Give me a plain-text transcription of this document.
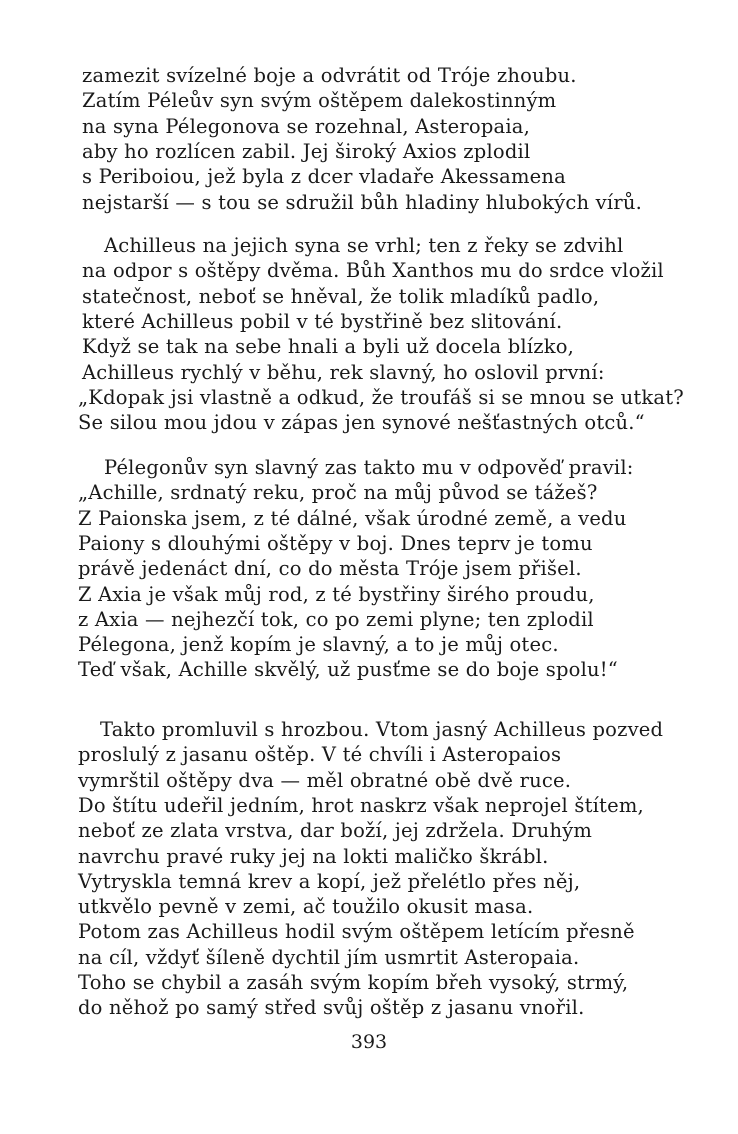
zamezit svízelné boje a odvrátit od Trójе zhoubu.
Zatím Péleův syn svým oštěpem dalekostinným
na syna Pélegonova se rozehnal, Asteropaia,
aby ho rozlícen zabil. Jej široký Axios zplodil
s Periboiou, jež byla z dcer vladaře Akessamena
nejstarší — s tou se sdružil bůh hladiny hlubokých vírů.
Achilleus na jejich syna se vrhl; ten z řeky se zdvihl
na odpor s oštěpy dvěma. Bůh Xanthos mu do srdce vložil
statečnost, neboť se hněval, že tolik mladíků padlo,
které Achilleus pobil v té bystřině bez slitování.
Když se tak na sebe hnali a byli už docela blízko,
Achilleus rychlý v běhu, rek slavný, ho oslovil první:
„Kdopak jsi vlastně a odkud, že troufáš si se mnou se utkat?
Se silou mou jdou v zápas jen synové nešťastných otců.“
Pélegonův syn slavný zas takto mu v odpověď pravil:
„Achille, srdnatý reku, proč na můj původ se tážeš?
Z Paionska jsem, z té dálné, však úrodné země, a vedu
Paiony s dlouhými oštěpy v boj. Dnes teprv je tomu
právě jedenáct dní, co do města Tróje jsem přišel.
Z Axia je však můj rod, z té bystřiny širého proudu,
z Axia — nejhezčí tok, co po zemi plyne; ten zplodil
Pélegona, jenž kopím je slavný, a to je můj otec.
Teď však, Achille skvělý, už pusťme se do boje spolu!“
Takto promluvil s hrozbou. Vtom jasný Achilleus pozved
proslulý z jasanu oštěp. V té chvíli i Asteropaios
vymrštil oštěpy dva — měl obratné obě dvě ruce.
Do štítu udeřil jedním, hrot naskrz však neprojel štítem,
neboť ze zlata vrstva, dar boží, jej zdržela. Druhým
navrchu pravé ruky jej na lokti maličko škrábl.
Vytryskla temná krev a kopí, jež přelétlo přes něj,
utkvělo pevně v zemi, ač toužilo okusit masa.
Potom zas Achilleus hodil svým oštěpem letícím přesně
na cíl, vždyť šíleně dychtil jím usmrtit Asteropaia.
Toho se chybil a zasáh svým kopím břeh vysoký, strmý,
do něhož po samý střed svůj oštěp z jasanu vnořil.
393
